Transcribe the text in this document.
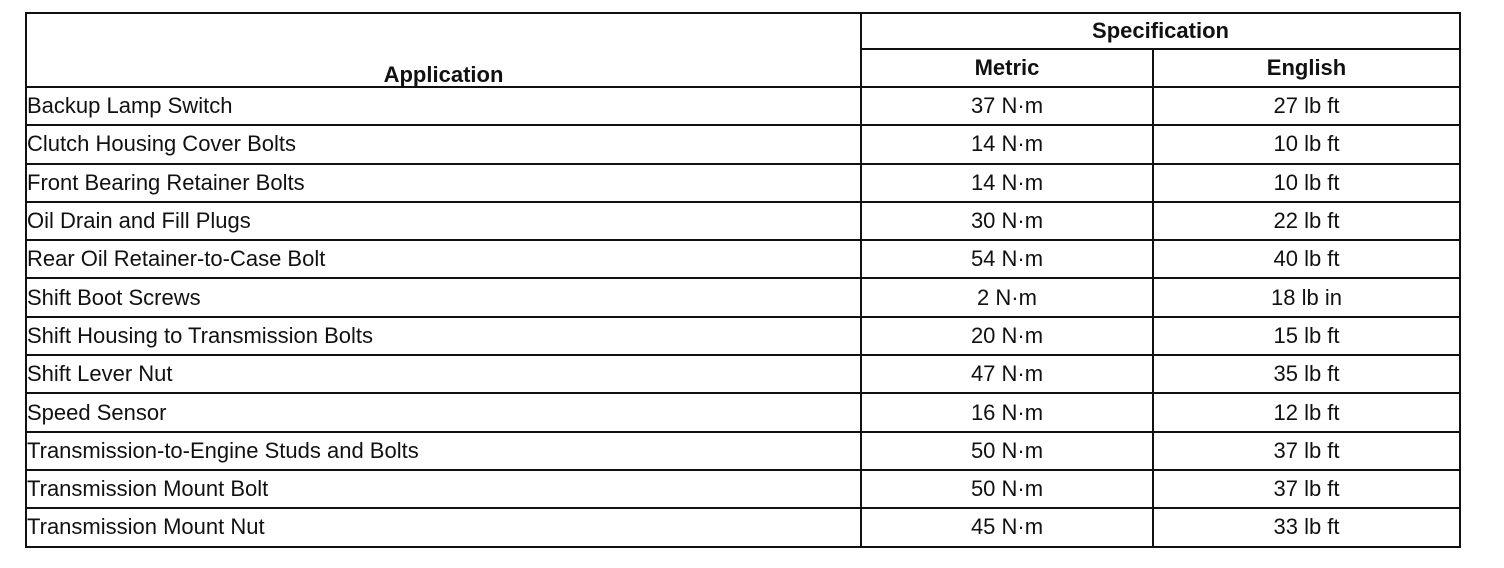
Application	Specification	
	Metric	English
Backup Lamp Switch	37 N·m	27 lb ft
Clutch Housing Cover Bolts	14 N·m	10 lb ft
Front Bearing Retainer Bolts	14 N·m	10 lb ft
Oil Drain and Fill Plugs	30 N·m	22 lb ft
Rear Oil Retainer-to-Case Bolt	54 N·m	40 lb ft
Shift Boot Screws	2 N·m	18 lb in
Shift Housing to Transmission Bolts	20 N·m	15 lb ft
Shift Lever Nut	47 N·m	35 lb ft
Speed Sensor	16 N·m	12 lb ft
Transmission-to-Engine Studs and Bolts	50 N·m	37 lb ft
Transmission Mount Bolt	50 N·m	37 lb ft
Transmission Mount Nut	45 N·m	33 lb ft
